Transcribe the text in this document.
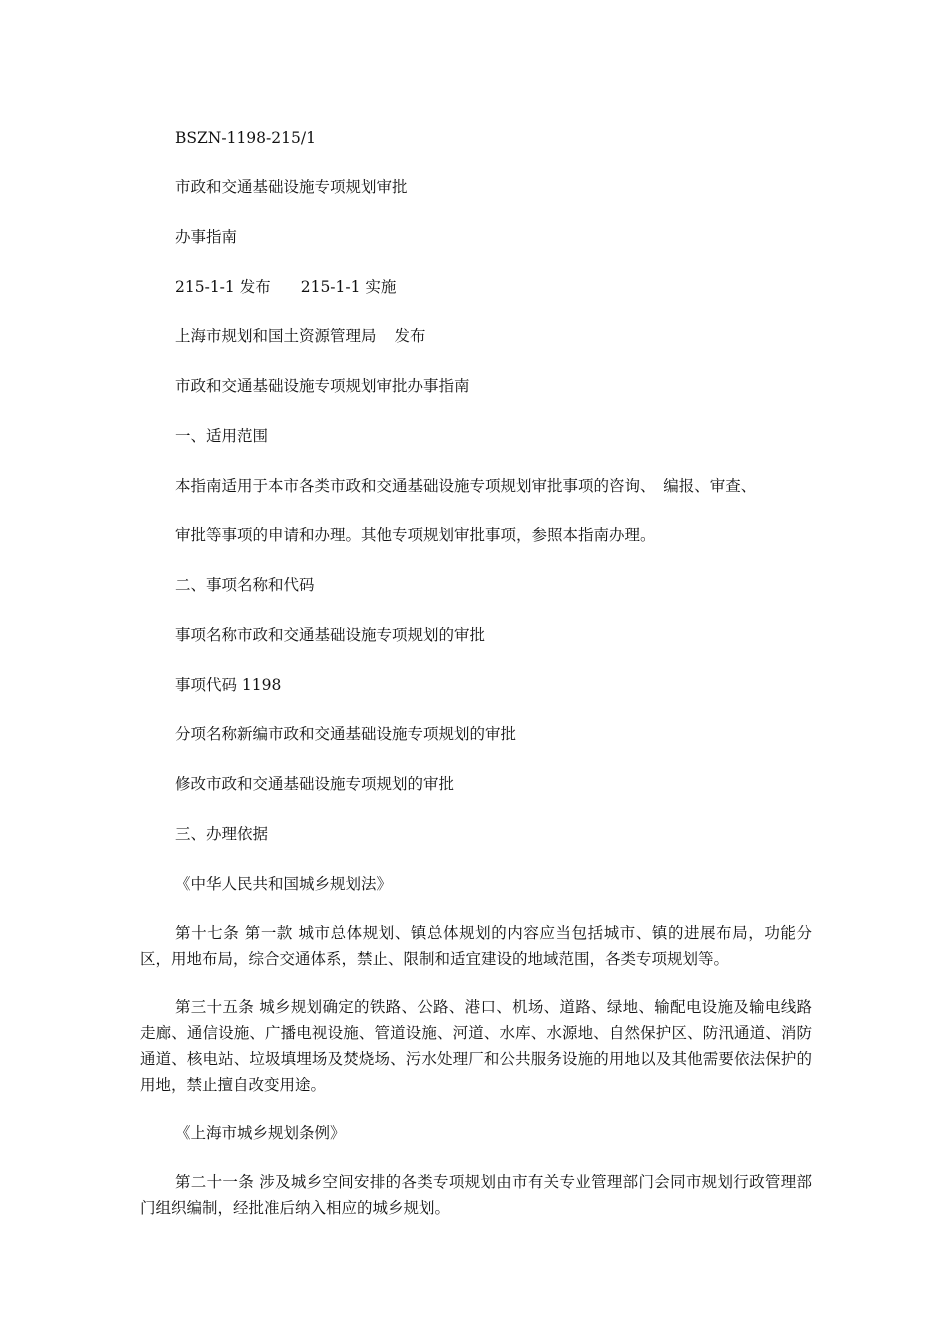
BSZN-1198-215/1
市政和交通基础设施专项规划审批
办事指南
215-1-1 发布 215-1-1 实施
上海市规划和国土资源管理局 发布
市政和交通基础设施专项规划审批办事指南
一、适用范围
本指南适用于本市各类市政和交通基础设施专项规划审批事项的咨询、　编报、审查、
审批等事项的申请和办理。其他专项规划审批事项，参照本指南办理。
二、事项名称和代码
事项名称市政和交通基础设施专项规划的审批
事项代码 1198
分项名称新编市政和交通基础设施专项规划的审批
修改市政和交通基础设施专项规划的审批
三、办理依据
《中华人民共和国城乡规划法》
第十七条 第一款 城市总体规划、镇总体规划的内容应当包括城市、镇的进展布局，功能分区，用地布局，综合交通体系，禁止、限制和适宜建设的地域范围，各类专项规划等。
第三十五条 城乡规划确定的铁路、公路、港口、机场、道路、绿地、输配电设施及输电线路走廊、通信设施、广播电视设施、管道设施、河道、水库、水源地、自然保护区、防汛通道、消防通道、核电站、垃圾填埋场及焚烧场、污水处理厂和公共服务设施的用地以及其他需要依法保护的用地，禁止擅自改变用途。
《上海市城乡规划条例》
第二十一条 涉及城乡空间安排的各类专项规划由市有关专业管理部门会同市规划行政管理部门组织编制，经批准后纳入相应的城乡规划。
